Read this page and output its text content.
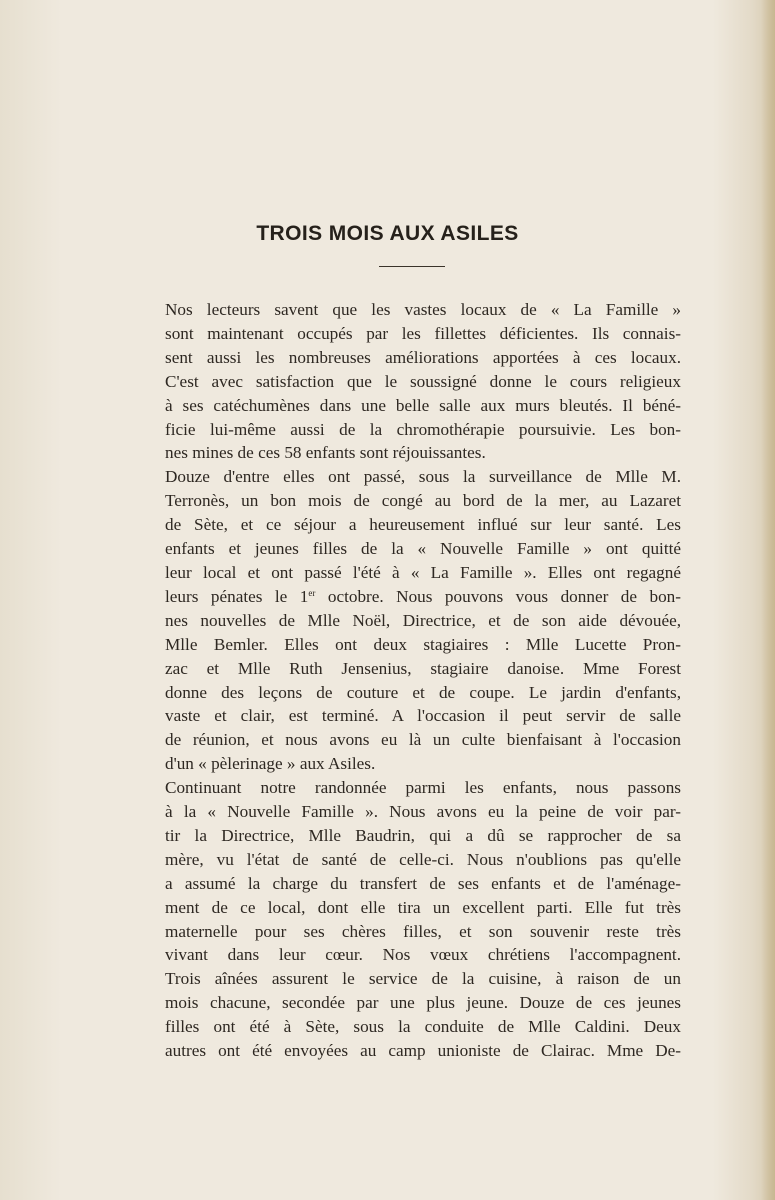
TROIS MOIS AUX ASILES

Nos lecteurs savent que les vastes locaux de « La Famille »
sont maintenant occupés par les fillettes déficientes. Ils connais-
sent aussi les nombreuses améliorations apportées à ces locaux.
C'est avec satisfaction que le soussigné donne le cours religieux
à ses catéchumènes dans une belle salle aux murs bleutés. Il béné-
ficie lui-même aussi de la chromothérapie poursuivie. Les bon-
nes mines de ces 58 enfants sont réjouissantes.

Douze d'entre elles ont passé, sous la surveillance de Mlle M.
Terronès, un bon mois de congé au bord de la mer, au Lazaret
de Sète, et ce séjour a heureusement influé sur leur santé. Les
enfants et jeunes filles de la « Nouvelle Famille » ont quitté
leur local et ont passé l'été à « La Famille ». Elles ont regagné
leurs pénates le 1er octobre. Nous pouvons vous donner de bon-
nes nouvelles de Mlle Noël, Directrice, et de son aide dévouée,
Mlle Bemler. Elles ont deux stagiaires : Mlle Lucette Pron-
zac et Mlle Ruth Jensenius, stagiaire danoise. Mme Forest
donne des leçons de couture et de coupe. Le jardin d'enfants,
vaste et clair, est terminé. A l'occasion il peut servir de salle
de réunion, et nous avons eu là un culte bienfaisant à l'occasion
d'un « pèlerinage » aux Asiles.

Continuant notre randonnée parmi les enfants, nous passons
à la « Nouvelle Famille ». Nous avons eu la peine de voir par-
tir la Directrice, Mlle Baudrin, qui a dû se rapprocher de sa
mère, vu l'état de santé de celle-ci. Nous n'oublions pas qu'elle
a assumé la charge du transfert de ses enfants et de l'aménage-
ment de ce local, dont elle tira un excellent parti. Elle fut très
maternelle pour ses chères filles, et son souvenir reste très
vivant dans leur cœur. Nos vœux chrétiens l'accompagnent.
Trois aînées assurent le service de la cuisine, à raison de un
mois chacune, secondée par une plus jeune. Douze de ces jeunes
filles ont été à Sète, sous la conduite de Mlle Caldini. Deux
autres ont été envoyées au camp unioniste de Clairac. Mme De-
